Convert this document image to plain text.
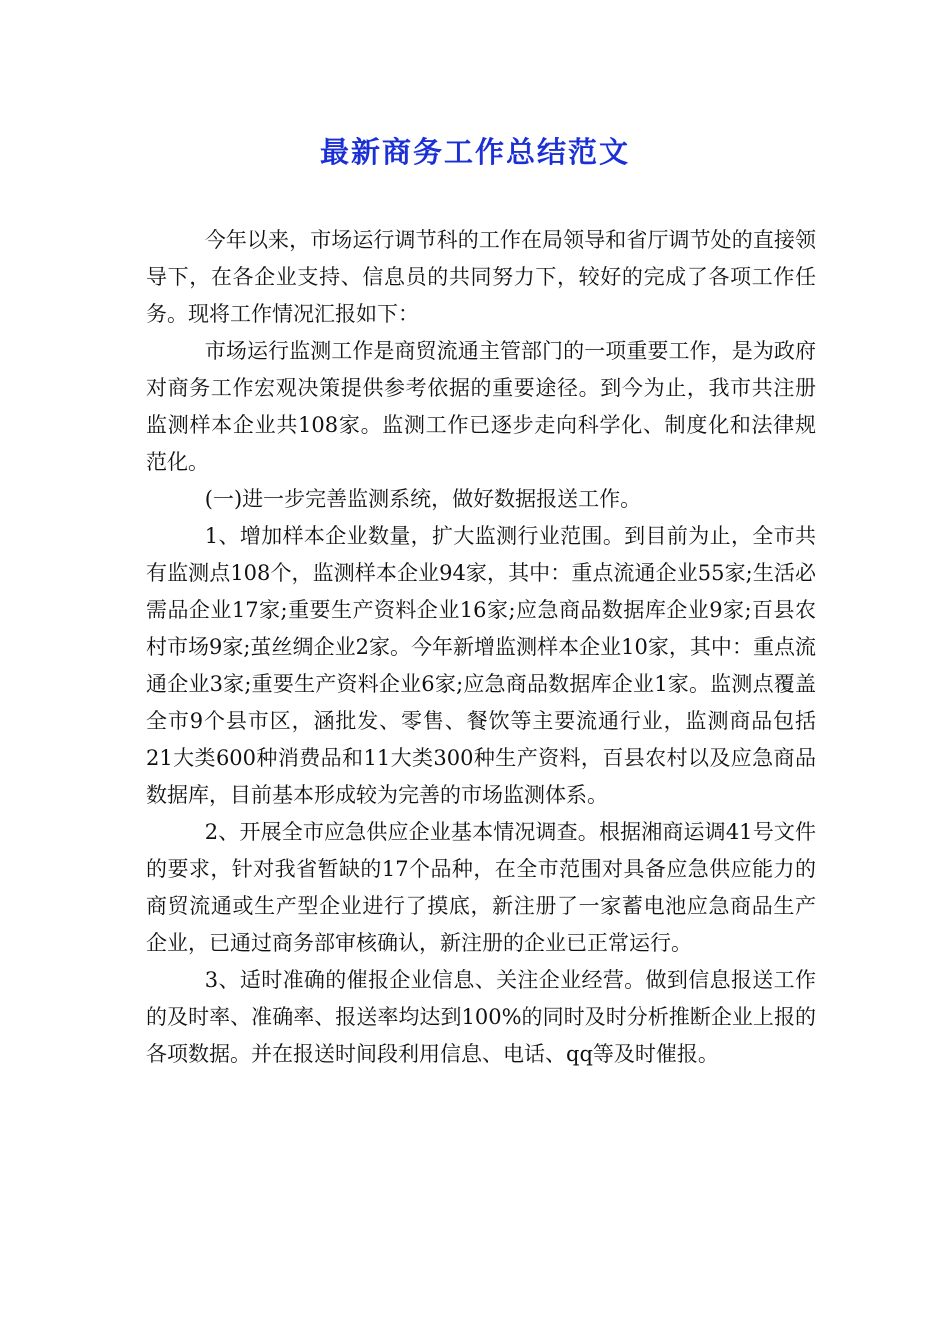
最新商务工作总结范文

今年以来，市场运行调节科的工作在局领导和省厅调节处的直接领导下，在各企业支持、信息员的共同努力下，较好的完成了各项工作任务。现将工作情况汇报如下：

市场运行监测工作是商贸流通主管部门的一项重要工作，是为政府对商务工作宏观决策提供参考依据的重要途径。到今为止，我市共注册监测样本企业共108家。监测工作已逐步走向科学化、制度化和法律规范化。

(一)进一步完善监测系统，做好数据报送工作。

1、增加样本企业数量，扩大监测行业范围。到目前为止，全市共有监测点108个，监测样本企业94家，其中：重点流通企业55家;生活必需品企业17家;重要生产资料企业16家;应急商品数据库企业9家;百县农村市场9家;茧丝绸企业2家。今年新增监测样本企业10家，其中：重点流通企业3家;重要生产资料企业6家;应急商品数据库企业1家。监测点覆盖全市9个县市区，涵批发、零售、餐饮等主要流通行业，监测商品包括21大类600种消费品和11大类300种生产资料，百县农村以及应急商品数据库，目前基本形成较为完善的市场监测体系。

2、开展全市应急供应企业基本情况调查。根据湘商运调41号文件的要求，针对我省暂缺的17个品种，在全市范围对具备应急供应能力的商贸流通或生产型企业进行了摸底，新注册了一家蓄电池应急商品生产企业，已通过商务部审核确认，新注册的企业已正常运行。

3、适时准确的催报企业信息、关注企业经营。做到信息报送工作的及时率、准确率、报送率均达到100%的同时及时分析推断企业上报的各项数据。并在报送时间段利用信息、电话、qq等及时催报。
